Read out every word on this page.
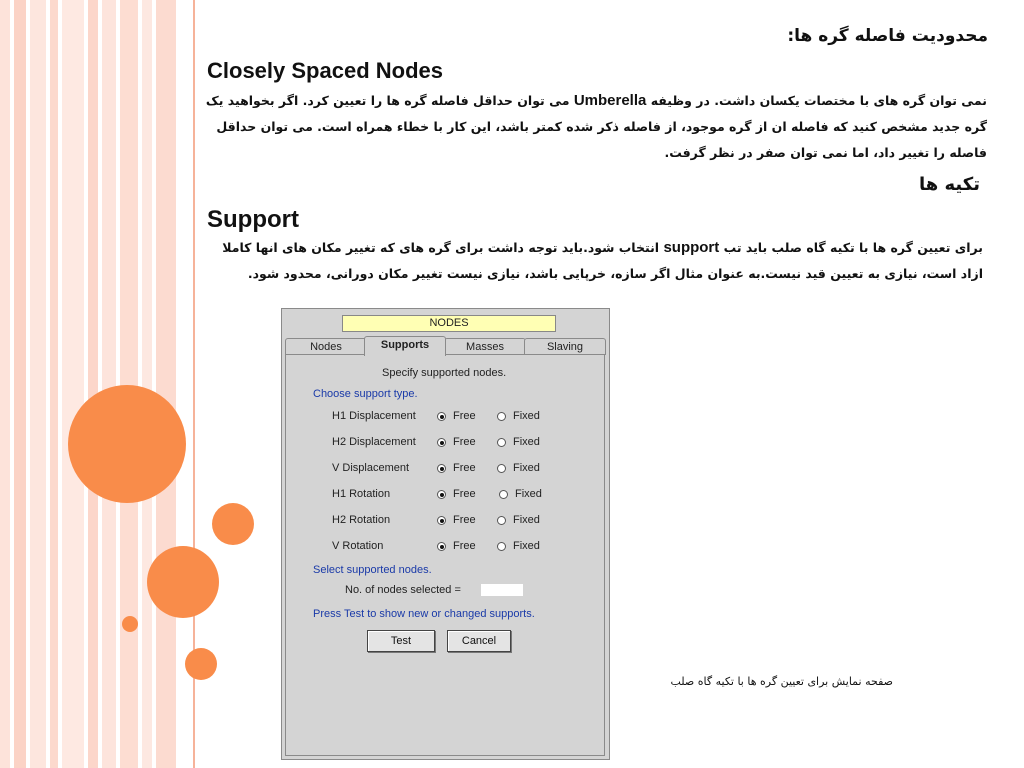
محدودیت فاصله گره ها:
Closely Spaced Nodes
نمی توان گره های با مختصات یکسان داشت. در وظیفه Umberella می توان حداقل فاصله گره ها را تعیین کرد. اگر بخواهید یک گره جدید مشخص کنید که فاصله ان از گره موجود، از فاصله ذکر شده کمتر باشد، این کار با خطاء همراه است. می توان حداقل فاصله را تغییر داد، اما نمی توان صفر در نظر گرفت.
تکیه ها
Support
برای تعیین گره ها با تکیه گاه صلب باید تب support انتخاب شود.باید توجه داشت برای گره های که تغییر مکان های انها کاملا ازاد است، نیازی به تعیین قید نیست.به عنوان مثال اگر سازه، خرپایی باشد، نیازی نیست تغییر مکان دورانی، محدود شود.
NODES
Nodes	Supports	Masses	Slaving
Specify supported nodes.
Choose support type.
H1 Displacement	Free	Fixed
H2 Displacement	Free	Fixed
V Displacement	Free	Fixed
H1 Rotation	Free	Fixed
H2 Rotation	Free	Fixed
V Rotation	Free	Fixed
Select supported nodes.
No. of nodes selected =
Press Test to show new or changed supports.
Test	Cancel
صفحه نمایش برای تعیین گره ها با تکیه گاه صلب
